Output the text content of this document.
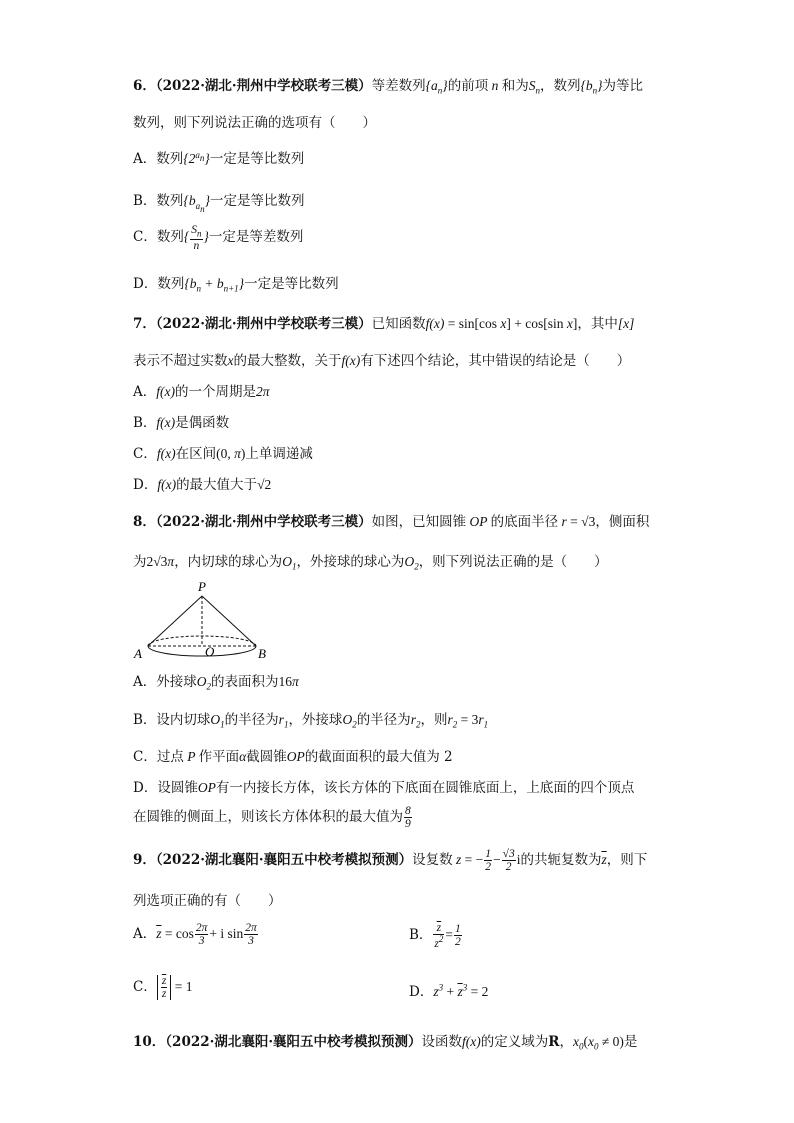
6．（2022·湖北·荆州中学校联考三模）等差数列$\{a_n\}$的前项 n 和为$S_n$，数列$\{b_n\}$为等比
数列，则下列说法正确的选项有（　　）
A．数列$\{2^{a_n}\}$一定是等比数列
B．数列$\{b_{a_n}\}$一定是等比数列
C．数列{ $\frac{S_n}{n}$ }一定是等差数列
D．数列$\{b_n + b_{n+1}\}$一定是等比数列
7．（2022·湖北·荆州中学校联考三模）已知函数f(x) = sin[cos x] + cos[sin x]，其中[x]
表示不超过实数x的最大整数，关于f(x)有下述四个结论，其中错误的结论是（　　）
A．f(x)的一个周期是2π
B．f(x)是偶函数
C．f(x)在区间(0, π)上单调递减
D．f(x)的最大值大于√2
8．（2022·湖北·荆州中学校联考三模）如图，已知圆锥 OP 的底面半径 r = √3，侧面积
为2√3π，内切球的球心为$O_1$，外接球的球心为$O_2$，则下列说法正确的是（　　）
P
O
A	B
A．外接球$O_2$的表面积为16π
B．设内切球$O_1$的半径为$r_1$，外接球$O_2$的半径为$r_2$，则$r_2 = 3r_1$
C．过点 P 作平面α截圆锥OP的截面面积的最大值为 2
D．设圆锥OP有一内接长方体，该长方体的下底面在圆锥底面上，上底面的四个顶点
在圆锥的侧面上，则该长方体体积的最大值为 $\frac{8}{9}$
9．（2022·湖北襄阳·襄阳五中校考模拟预测）设复数 z = − $\frac{1}{2} - \frac{√3}{2}$ i的共轭复数为$\overline{z}$，则下
列选项正确的有（　　）
A．$\overline{z} = \cos \frac{2\pi}{3} + i$ $\sin \frac{2\pi}{3}$	B． $\frac{\overline{z}}{z^2} = \frac{1}{2}$
C． $\frac{\overline{z}}{z} = 1$	D．$z^3 + \overline{z}^3 = 2$
10．（2022·湖北襄阳·襄阳五中校考模拟预测）设函数f(x)的定义域为R，$x_0(x_0 \ne 0)$是
